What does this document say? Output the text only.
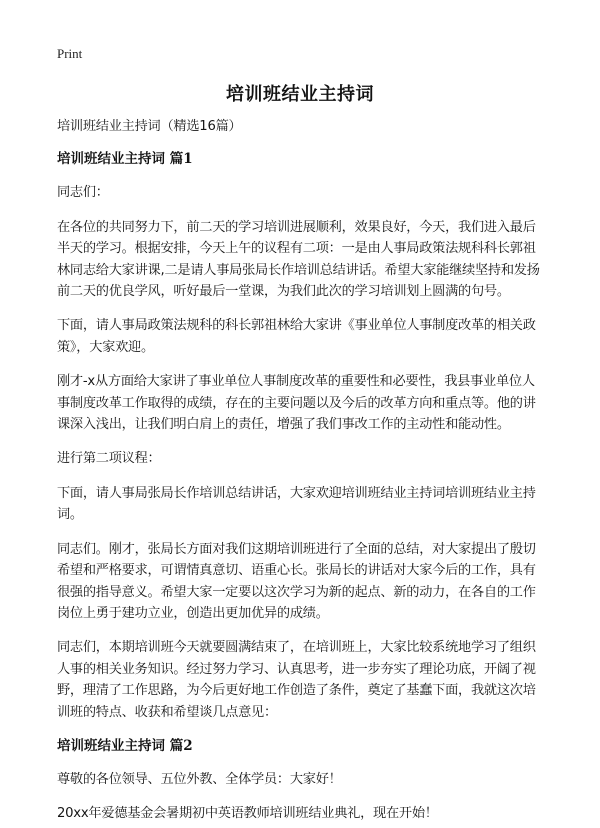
Print
培训班结业主持词

培训班结业主持词（精选16篇）

培训班结业主持词 篇1

同志们：

在各位的共同努力下，前二天的学习培训进展顺利，效果良好，今天，我们进入最后半天的学习。根据安排，今天上午的议程有二项：一是由人事局政策法规科科长郭祖林同志给大家讲课,二是请人事局张局长作培训总结讲话。希望大家能继续坚持和发扬前二天的优良学风，听好最后一堂课，为我们此次的学习培训划上圆满的句号。

下面，请人事局政策法规科的科长郭祖林给大家讲《事业单位人事制度改革的相关政策》，大家欢迎。

刚才-x从方面给大家讲了事业单位人事制度改革的重要性和必要性，我县事业单位人事制度改革工作取得的成绩，存在的主要问题以及今后的改革方向和重点等。他的讲课深入浅出，让我们明白肩上的责任，增强了我们事改工作的主动性和能动性。

进行第二项议程：

下面，请人事局张局长作培训总结讲话，大家欢迎培训班结业主持词培训班结业主持词。

同志们。刚才，张局长方面对我们这期培训班进行了全面的总结，对大家提出了殷切希望和严格要求，可谓情真意切、语重心长。张局长的讲话对大家今后的工作，具有很强的指导意义。希望大家一定要以这次学习为新的起点、新的动力，在各自的工作岗位上勇于建功立业，创造出更加优异的成绩。

同志们，本期培训班今天就要圆满结束了，在培训班上，大家比较系统地学习了组织人事的相关业务知识。经过努力学习、认真思考，进一步夯实了理论功底，开阔了视野，理清了工作思路，为今后更好地工作创造了条件，奠定了基蠢下面，我就这次培训班的特点、收获和希望谈几点意见：

培训班结业主持词 篇2

尊敬的各位领导、五位外教、全体学员：大家好！

20xx年爱德基金会暑期初中英语教师培训班结业典礼，现在开始！
